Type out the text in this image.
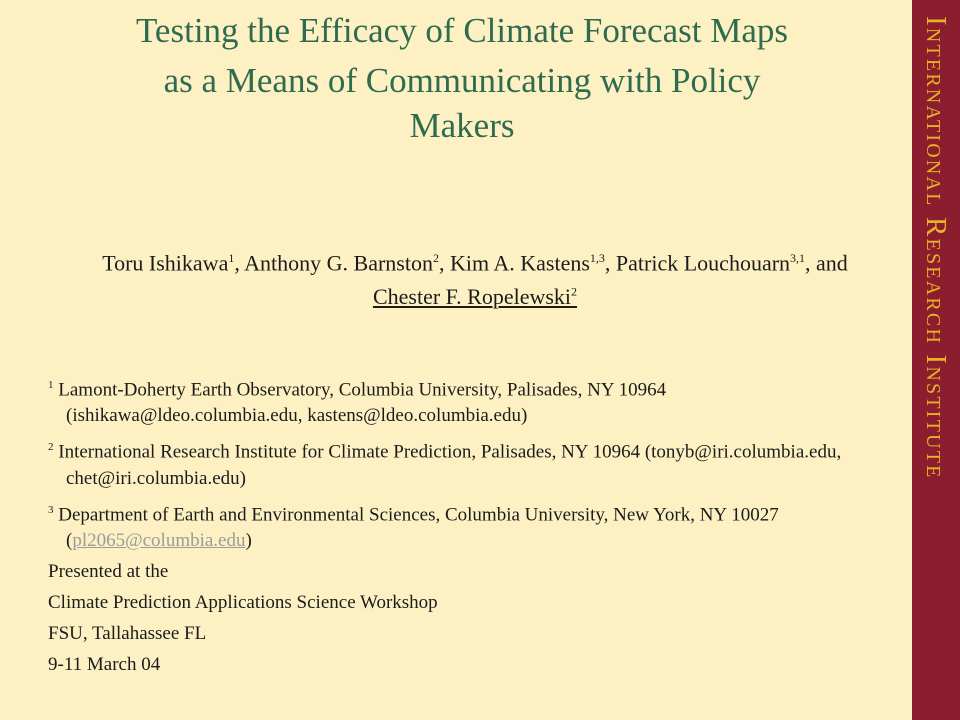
Testing the Efficacy of Climate Forecast Maps
as a Means of Communicating with Policy
Makers
Toru Ishikawa$^1$, Anthony G. Barnston$^2$, Kim A. Kastens$^{1,3}$, Patrick Louchouarn$^{3,1}$, and Chester F. Ropelewski$^2$
$^1$ Lamont-Doherty Earth Observatory, Columbia University, Palisades, NY 10964 (ishikawa@ldeo.columbia.edu, kastens@ldeo.columbia.edu)
$^2$ International Research Institute for Climate Prediction, Palisades, NY 10964 (tonyb@iri.columbia.edu, chet@iri.columbia.edu)
$^3$ Department of Earth and Environmental Sciences, Columbia University, New York, NY 10027 (pl2065@columbia.edu)
Presented at the
Climate Prediction Applications Science Workshop
FSU, Tallahassee FL
9-11 March 04
International Research Institute
